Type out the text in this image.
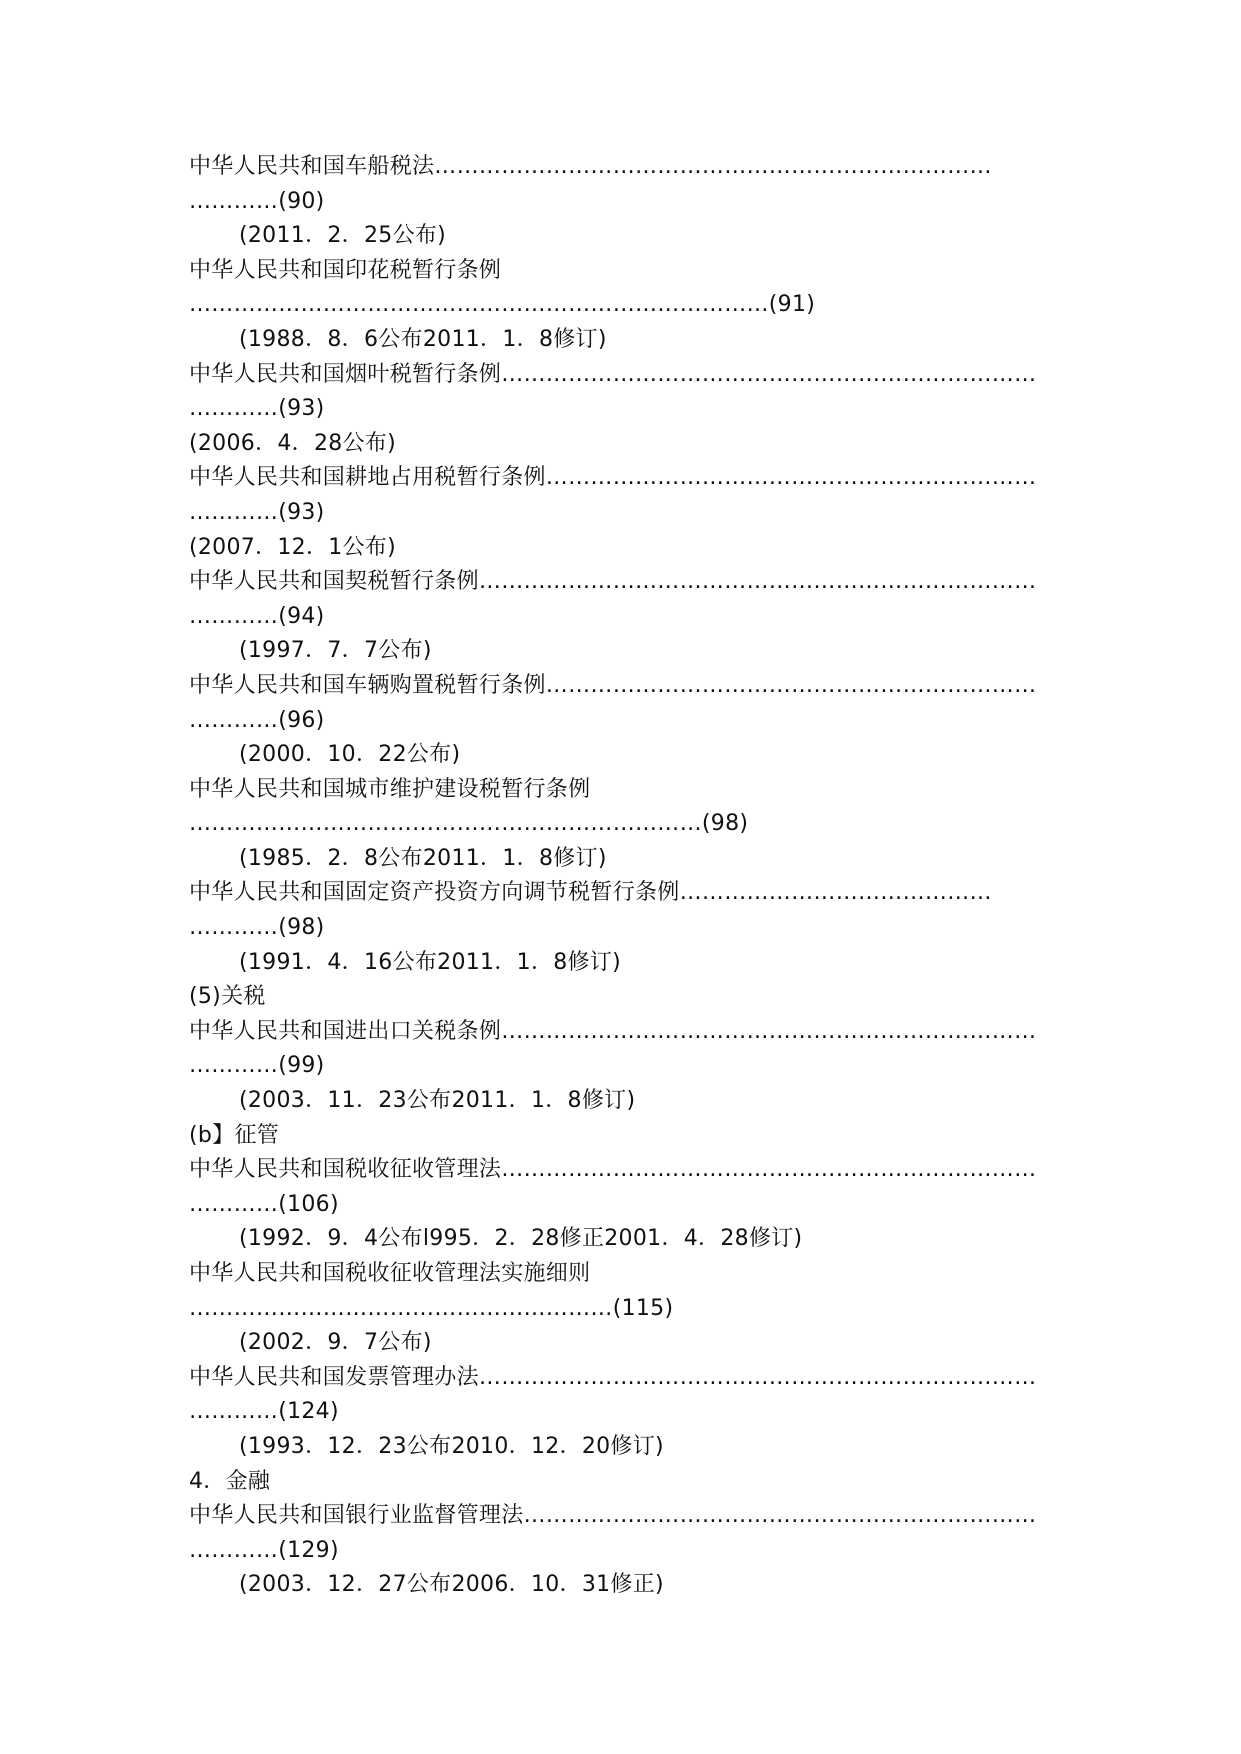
中华人民共和国车船税法…………………………………………………………………
…………(90)
(2011．2．25公布)
中华人民共和国印花税暂行条例
……………………………………………………………………(91)
(1988．8．6公布2011．1．8修订)
中华人民共和国烟叶税暂行条例………………………………………………………………
…………(93)
(2006．4．28公布)
中华人民共和国耕地占用税暂行条例…………………………………………………………
…………(93)
(2007．12．1公布)
中华人民共和国契税暂行条例…………………………………………………………………
…………(94)
(1997．7．7公布)
中华人民共和国车辆购置税暂行条例…………………………………………………………
…………(96)
(2000．10．22公布)
中华人民共和国城市维护建设税暂行条例
……………………………………………………………(98)
(1985．2．8公布2011．1．8修订)
中华人民共和国固定资产投资方向调节税暂行条例……………………………………
…………(98)
(1991．4．16公布2011．1．8修订)
(5)关税
中华人民共和国进出口关税条例………………………………………………………………
…………(99)
(2003．11．23公布2011．1．8修订)
(b】征管
中华人民共和国税收征收管理法………………………………………………………………
…………(106)
(1992．9．4公布l995．2．28修正2001．4．28修订)
中华人民共和国税收征收管理法实施细则
…………………………………………………(115)
(2002．9．7公布)
中华人民共和国发票管理办法…………………………………………………………………
…………(124)
(1993．12．23公布2010．12．20修订)
4．金融
中华人民共和国银行业监督管理法……………………………………………………………
…………(129)
(2003．12．27公布2006．10．31修正)
